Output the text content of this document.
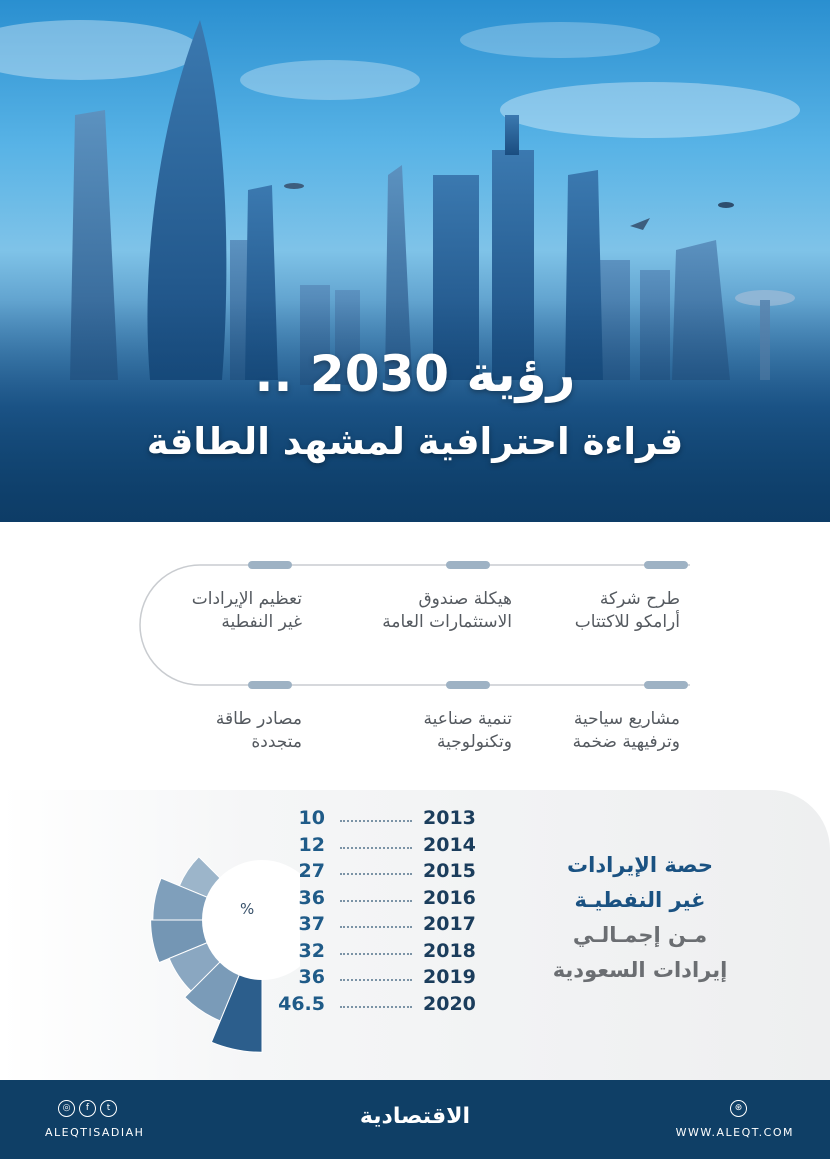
رؤية 2030 ..
قراءة احترافية لمشهد الطاقة
طرح شركة
أرامكو للاكتتاب
هيكلة صندوق
الاستثمارات العامة
تعظيم الإيرادات
غير النفطية
مشاريع سياحية
وترفيهية ضخمة
تنمية صناعية
وتكنولوجية
مصادر طاقة
متجددة
%
10	2013
12	2014
27	2015
36	2016
37	2017
32	2018
36	2019
46.5	2020
حصة الإيرادات
غير النفطيـة
مـن إجمـالـي
إيرادات السعودية
◎	f	t
ALEQTISADIAH
الاقتصادية	⊛
WWW.ALEQT.COM
